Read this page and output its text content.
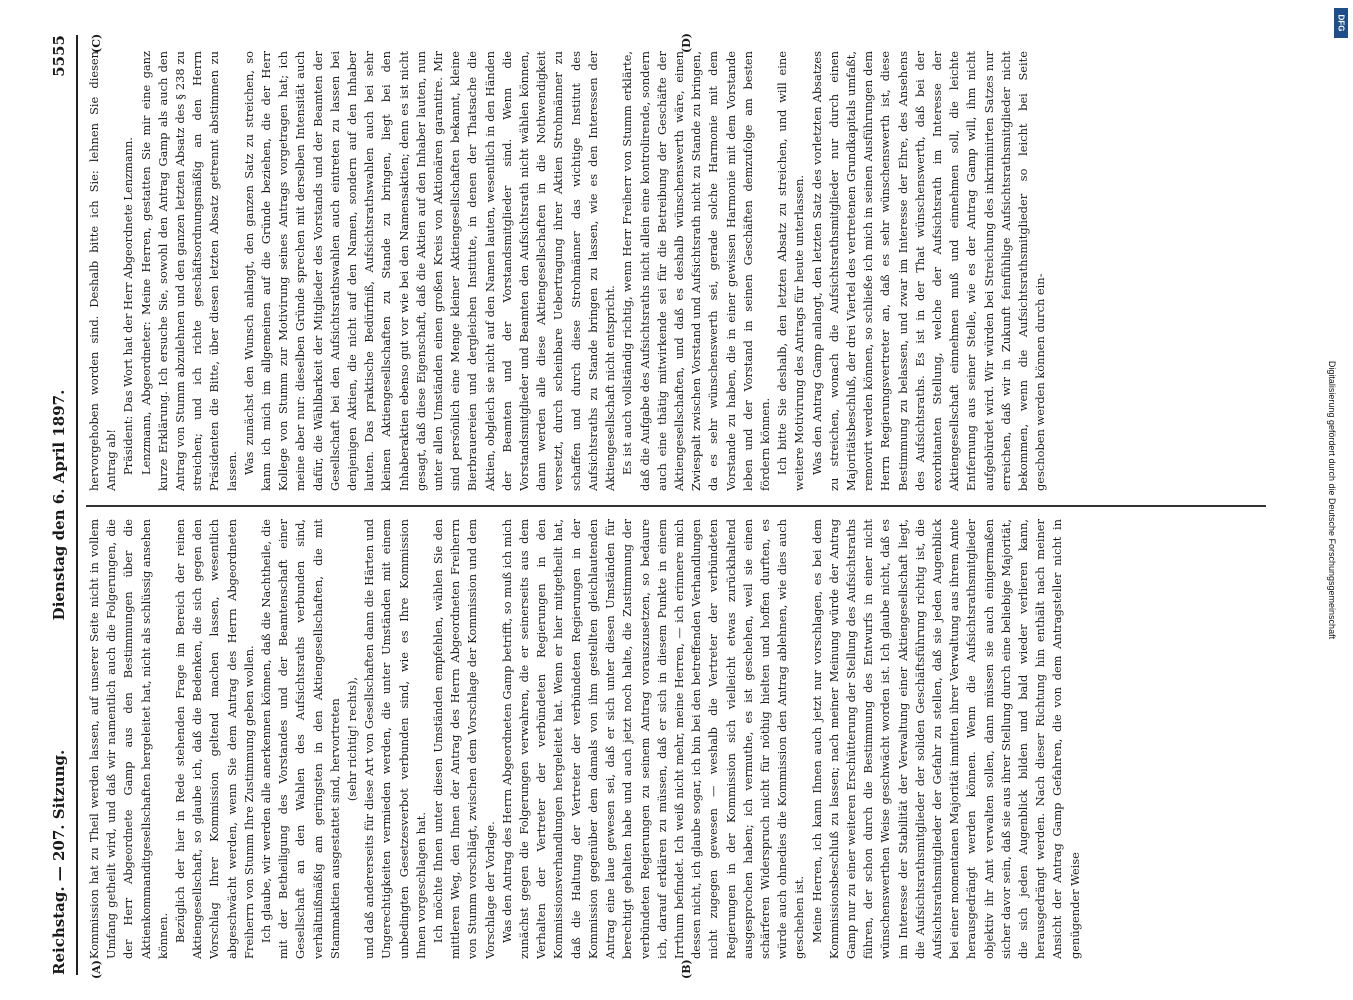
Reichstag. — 207. Sitzung.
Dienstag den 6. April 1897.
5555
(A)	(B)
(C)	(D)

Kommission hat zu Theil werden lassen, auf unserer Seite nicht in vollem Umfang getheilt wird, und daß wir namentlich auch die Folgerungen, die der Herr Abgeordnete Gamp aus den Bestimmungen über die Aktienkommanditgesellschaften hergeleitet hat, nicht als schlüssig ansehen können. Bezüglich der hier in Rede stehenden Frage im Bereich der reinen Aktiengesellschaft, so glaube ich, daß die Bedenken, die sich gegen den Vorschlag Ihrer Kommission geltend machen lassen, wesentlich abgeschwächt werden, wenn Sie dem Antrag des Herrn Abgeordneten Freiherrn von Stumm Ihre Zustimmung geben wollen. Ich glaube, wir werden alle anerkennen können, daß die Nachtheile, die mit der Betheiligung des Vorstandes und der Beamtenschaft einer Gesellschaft an den Wahlen des Aufsichtsraths verbunden sind, verhältnißmäßig am geringsten in den Aktiengesellschaften, die mit Stammaktien ausgestattet sind, hervortreten (sehr richtig! rechts), und daß andererseits für diese Art von Gesellschaften dann die Härten und Ungerechtigkeiten vermieden werden, die unter Umständen mit einem unbedingten Gesetzesverbot verbunden sind, wie es Ihre Kommission Ihnen vorgeschlagen hat. Ich möchte Ihnen unter diesen Umständen empfehlen, wählen Sie den mittleren Weg, den Ihnen der Antrag des Herrn Abgeordneten Freiherrn von Stumm vorschlägt, zwischen dem Vorschlage der Kommission und dem Vorschlage der Vorlage. Was den Antrag des Herrn Abgeordneten Gamp betrifft, so muß ich mich zunächst gegen die Folgerungen verwahren, die er seinerseits aus dem Verhalten der Vertreter der verbündeten Regierungen in den Kommissionsverhandlungen hergeleitet hat. Wenn er hier mitgetheilt hat, daß die Haltung der Vertreter der verbündeten Regierungen in der Kommission gegenüber dem damals von ihm gestellten gleichlautenden Antrag eine laue gewesen sei, daß er sich unter diesen Umständen für berechtigt gehalten habe und auch jetzt noch halte, die Zustimmung der verbündeten Regierungen zu seinem Antrag vorauszusetzen, so bedaure ich, darauf erklären zu müssen, daß er sich in diesem Punkte in einem Irrthum befindet. Ich weiß nicht mehr, meine Herren, — ich erinnere mich dessen nicht, ich glaube sogar, ich bin bei den betreffenden Verhandlungen nicht zugegen gewesen — weshalb die Vertreter der verbündeten Regierungen in der Kommission sich vielleicht etwas zurückhaltend ausgesprochen haben; ich vermuthe, es ist geschehen, weil sie einen schärferen Widerspruch nicht für nöthig hielten und hoffen durften, es würde auch ohnedies die Kommission den Antrag ablehnen, wie dies auch geschehen ist. Meine Herren, ich kann Ihnen auch jetzt nur vorschlagen, es bei dem Kommissionsbeschluß zu lassen; nach meiner Meinung würde der Antrag Gamp nur zu einer weiteren Erschütterung der Stellung des Aufsichtsraths führen, der schon durch die Bestimmung des Entwurfs in einer nicht wünschenswerthen Weise geschwächt worden ist. Ich glaube nicht, daß es im Interesse der Stabilität der Verwaltung einer Aktiengesellschaft liegt, die Aufsichtsrathsmitglieder der soliden Geschäftsführung richtig ist, die Aufsichtsrathsmitglieder der Gefahr zu stellen, daß sie jeden Augenblick bei einer momentanen Majorität inmitten ihrer Verwaltung aus ihrem Amte herausgedrängt werden können. Wenn die Aufsichtsrathsmitglieder objektiv ihr Amt verwalten sollen, dann müssen sie auch einigermaßen sicher davor sein, daß sie aus ihrer Stellung durch eine beliebige Majorität, die sich jeden Augenblick bilden und bald wieder verlieren kann, herausgedrängt werden. Nach dieser Richtung hin enthält nach meiner Ansicht der Antrag Gamp Gefahren, die von dem Antragsteller nicht in genügender Weise

hervorgehoben worden sind. Deshalb bitte ich Sie: lehnen Sie diesen Antrag ab! Präsident: Das Wort hat der Herr Abgeordnete Lenzmann. Lenzmann, Abgeordneter: Meine Herren, gestatten Sie mir eine ganz kurze Erklärung. Ich ersuche Sie, sowohl den Antrag Gamp als auch den Antrag von Stumm abzulehnen und den ganzen letzten Absatz des § 238 zu streichen; und ich richte geschäftsordnungsmäßig an den Herrn Präsidenten die Bitte, über diesen letzten Absatz getrennt abstimmen zu lassen. Was zunächst den Wunsch anlangt, den ganzen Satz zu streichen, so kann ich mich im allgemeinen auf die Gründe beziehen, die der Herr Kollege von Stumm zur Motivirung seines Antrags vorgetragen hat; ich meine aber nur: dieselben Gründe sprechen mit derselben Intensität auch dafür, die Wählbarkeit der Mitglieder des Vorstands und der Beamten der Gesellschaft bei den Aufsichtsrathswahlen auch eintreten zu lassen bei denjenigen Aktien, die nicht auf den Namen, sondern auf den Inhaber lauten. Das praktische Bedürfniß, Aufsichtsrathswahlen auch bei sehr kleinen Aktiengesellschaften zu Stande zu bringen, liegt bei den Inhaberaktien ebenso gut vor wie bei den Namensaktien; denn es ist nicht gesagt, daß diese Eigenschaft, daß die Aktien auf den Inhaber lauten, nun unter allen Umständen einen großen Kreis von Aktionären garantire. Mir sind persönlich eine Menge kleiner Aktiengesellschaften bekannt, kleine Bierbrauereien und dergleichen Institute, in denen der Thatsache die Aktien, obgleich sie nicht auf den Namen lauten, wesentlich in den Händen der Beamten und der Vorstandsmitglieder sind. Wenn die Vorstandsmitglieder und Beamten den Aufsichtsrath nicht wählen können, dann werden alle diese Aktiengesellschaften in die Nothwendigkeit versetzt, durch scheinbare Uebertragung ihrer Aktien Strohmänner zu schaffen und durch diese Strohmänner das wichtige Institut des Aufsichtsraths zu Stande bringen zu lassen, wie es den Interessen der Aktiengesellschaft nicht entspricht. Es ist auch vollständig richtig, wenn Herr Freiherr von Stumm erklärte, daß die Aufgabe des Aufsichtsraths nicht allein eine kontrolirende, sondern auch eine thätig mitwirkende sei für die Betreibung der Geschäfte der Aktiengesellschaften, und daß es deshalb wünschenswerth wäre, einen Zwiespalt zwischen Vorstand und Aufsichtsrath nicht zu Stande zu bringen, da es sehr wünschenswerth sei, gerade solche Harmonie mit dem Vorstande zu haben, die in einer gewissen Harmonie mit dem Vorstande leben und der Vorstand in seinen Geschäften demzufolge am besten fördern können. Ich bitte Sie deshalb, den letzten Absatz zu streichen, und will eine weitere Motivirung des Antrags für heute unterlassen. Was den Antrag Gamp anlangt, den letzten Satz des vorletzten Absatzes zu streichen, wonach die Aufsichtsrathsmitglieder nur durch einen Majoritätsbeschluß, der drei Viertel des vertretenen Grundkapitals umfaßt, removirt werden können, so schließe ich mich in seinen Ausführungen dem Herrn Regierungsvertreter an, daß es sehr wünschenswerth ist, diese Bestimmung zu belassen, und zwar im Interesse der Ehre, des Ansehens des Aufsichtsraths. Es ist in der That wünschenswerth, daß bei der exorbitanten Stellung, welche der Aufsichtsrath im Interesse der Aktiengesellschaft einnehmen muß und einnehmen soll, die leichte Entfernung aus seiner Stelle, wie es der Antrag Gamp will, ihm nicht aufgebürdet wird. Wir würden bei Streichung des inkriminirten Satzes nur erreichen, daß wir in Zukunft feinfühlige Aufsichtsrathsmitglieder nicht bekommen, wenn die Aufsichtsrathsmitglieder so leicht bei Seite geschoben werden können durch ein-

DFG
Digitalisierung gefördert durch die Deutsche Forschungsgemeinschaft
